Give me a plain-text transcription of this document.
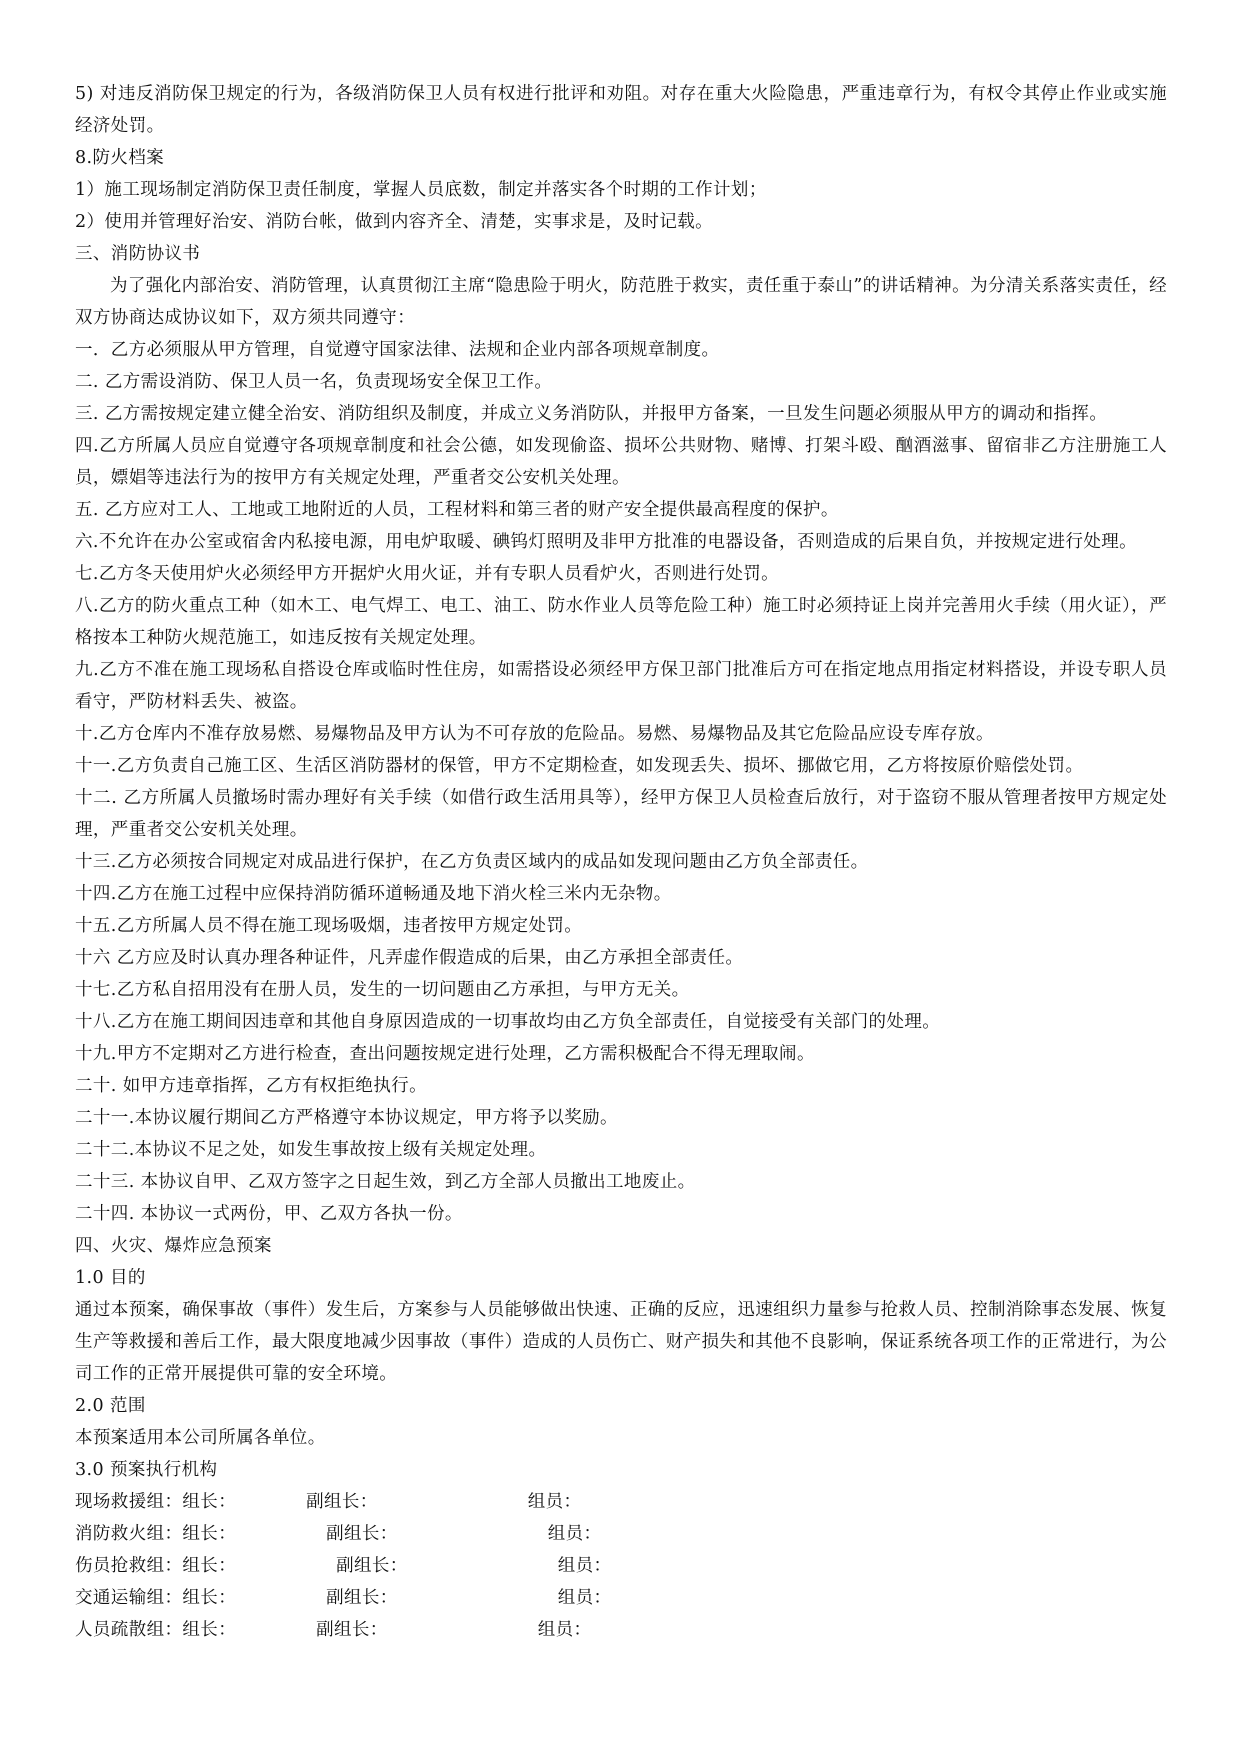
5) 对违反消防保卫规定的行为，各级消防保卫人员有权进行批评和劝阻。对存在重大火险隐患，严重违章行为，有权令其停止作业或实施经济处罚。
8.防火档案
1）施工现场制定消防保卫责任制度，掌握人员底数，制定并落实各个时期的工作计划；
2）使用并管理好治安、消防台帐，做到内容齐全、清楚，实事求是，及时记载。
三、消防协议书
为了强化内部治安、消防管理，认真贯彻江主席“隐患险于明火，防范胜于救实，责任重于泰山”的讲话精神。为分清关系落实责任，经双方协商达成协议如下，双方须共同遵守：
一．乙方必须服从甲方管理，自觉遵守国家法律、法规和企业内部各项规章制度。
二. 乙方需设消防、保卫人员一名，负责现场安全保卫工作。
三. 乙方需按规定建立健全治安、消防组织及制度，并成立义务消防队，并报甲方备案，一旦发生问题必须服从甲方的调动和指挥。
四.乙方所属人员应自觉遵守各项规章制度和社会公德，如发现偷盗、损坏公共财物、赌博、打架斗殴、酗酒滋事、留宿非乙方注册施工人员，嫖娼等违法行为的按甲方有关规定处理，严重者交公安机关处理。
五. 乙方应对工人、工地或工地附近的人员，工程材料和第三者的财产安全提供最高程度的保护。
六.不允许在办公室或宿舍内私接电源，用电炉取暖、碘钨灯照明及非甲方批准的电器设备，否则造成的后果自负，并按规定进行处理。
七.乙方冬天使用炉火必须经甲方开据炉火用火证，并有专职人员看炉火，否则进行处罚。
八.乙方的防火重点工种（如木工、电气焊工、电工、油工、防水作业人员等危险工种）施工时必须持证上岗并完善用火手续（用火证），严格按本工种防火规范施工，如违反按有关规定处理。
九.乙方不准在施工现场私自搭设仓库或临时性住房，如需搭设必须经甲方保卫部门批准后方可在指定地点用指定材料搭设，并设专职人员看守，严防材料丢失、被盗。
十.乙方仓库内不准存放易燃、易爆物品及甲方认为不可存放的危险品。易燃、易爆物品及其它危险品应设专库存放。
十一.乙方负责自己施工区、生活区消防器材的保管，甲方不定期检查，如发现丢失、损坏、挪做它用，乙方将按原价赔偿处罚。
十二. 乙方所属人员撤场时需办理好有关手续（如借行政生活用具等），经甲方保卫人员检查后放行，对于盗窃不服从管理者按甲方规定处理，严重者交公安机关处理。
十三.乙方必须按合同规定对成品进行保护，在乙方负责区域内的成品如发现问题由乙方负全部责任。
十四.乙方在施工过程中应保持消防循环道畅通及地下消火栓三米内无杂物。
十五.乙方所属人员不得在施工现场吸烟，违者按甲方规定处罚。
十六 乙方应及时认真办理各种证件，凡弄虚作假造成的后果，由乙方承担全部责任。
十七.乙方私自招用没有在册人员，发生的一切问题由乙方承担，与甲方无关。
十八.乙方在施工期间因违章和其他自身原因造成的一切事故均由乙方负全部责任，自觉接受有关部门的处理。
十九.甲方不定期对乙方进行检查，查出问题按规定进行处理，乙方需积极配合不得无理取闹。
二十. 如甲方违章指挥，乙方有权拒绝执行。
二十一.本协议履行期间乙方严格遵守本协议规定，甲方将予以奖励。
二十二.本协议不足之处，如发生事故按上级有关规定处理。
二十三. 本协议自甲、乙双方签字之日起生效，到乙方全部人员撤出工地废止。
二十四. 本协议一式两份，甲、乙双方各执一份。
四、火灾、爆炸应急预案
1.0 目的
通过本预案，确保事故（事件）发生后，方案参与人员能够做出快速、正确的反应，迅速组织力量参与抢救人员、控制消除事态发展、恢复生产等救援和善后工作，最大限度地减少因事故（事件）造成的人员伤亡、财产损失和其他不良影响，保证系统各项工作的正常进行，为公司工作的正常开展提供可靠的安全环境。
2.0 范围
本预案适用本公司所属各单位。
3.0 预案执行机构
现场救援组： 组长：	副组长：	组员：
消防救火组： 组长：	副组长：	组员：
伤员抢救组： 组长：	副组长：	组员：
交通运输组： 组长：	副组长：	组员：
人员疏散组： 组长：	副组长：	组员：
